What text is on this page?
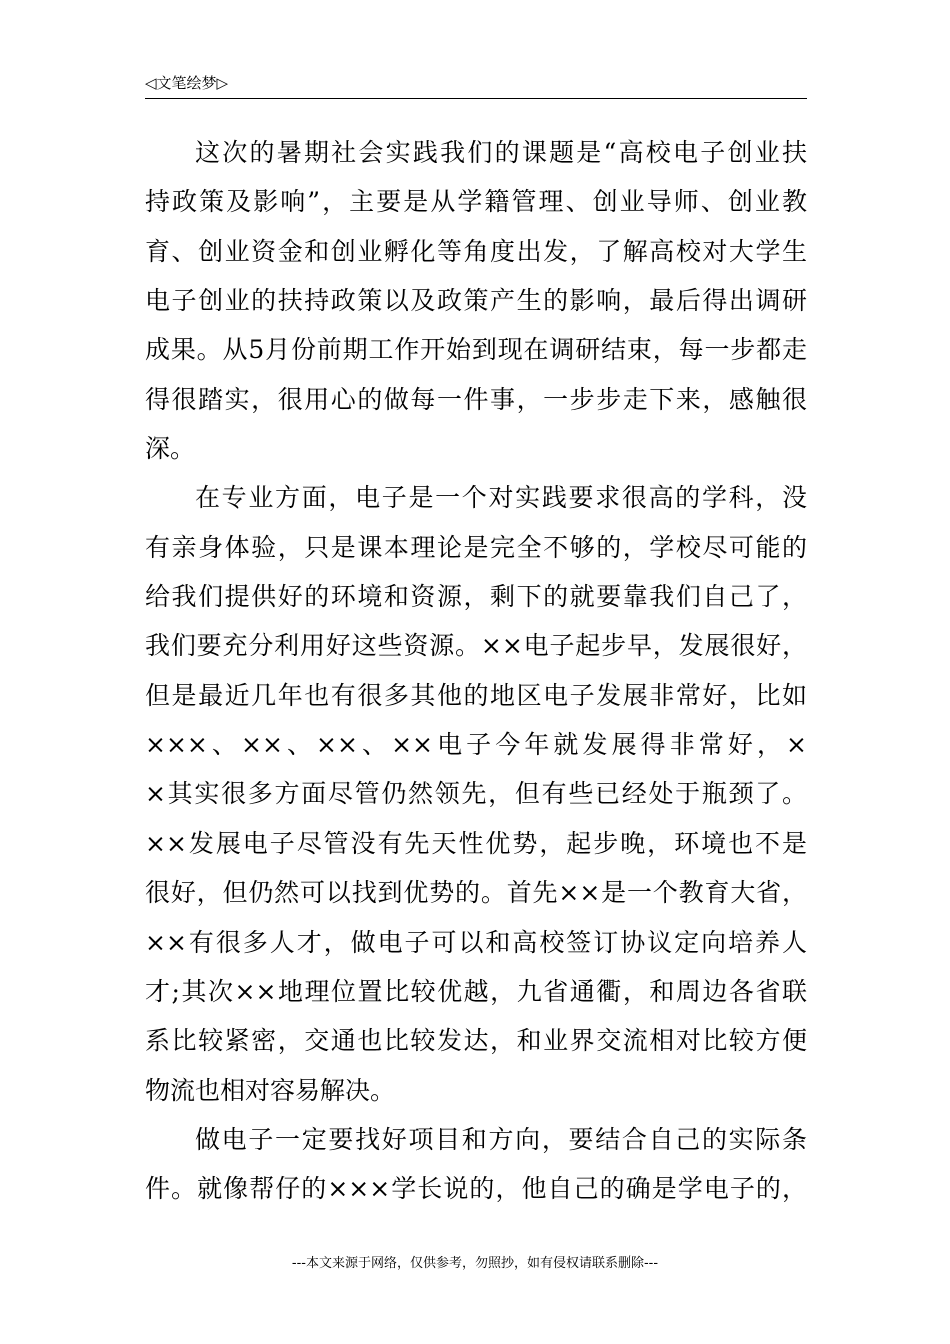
◁文笔绘梦▷
这次的暑期社会实践我们的课题是“高校电子创业扶
持政策及影响”，主要是从学籍管理、创业导师、创业教
育、创业资金和创业孵化等角度出发，了解高校对大学生
电子创业的扶持政策以及政策产生的影响，最后得出调研
成果。从5月份前期工作开始到现在调研结束，每一步都走
得很踏实，很用心的做每一件事，一步步走下来，感触很
深。
在专业方面，电子是一个对实践要求很高的学科，没
有亲身体验，只是课本理论是完全不够的，学校尽可能的
给我们提供好的环境和资源，剩下的就要靠我们自己了，
我们要充分利用好这些资源。××电子起步早，发展很好，
但是最近几年也有很多其他的地区电子发展非常好，比如
×××、××、××、××电子今年就发展得非常好，×
×其实很多方面尽管仍然领先，但有些已经处于瓶颈了。
××发展电子尽管没有先天性优势，起步晚，环境也不是
很好，但仍然可以找到优势的。首先××是一个教育大省，
××有很多人才，做电子可以和高校签订协议定向培养人
才;其次××地理位置比较优越，九省通衢，和周边各省联
系比较紧密，交通也比较发达，和业界交流相对比较方便
物流也相对容易解决。
做电子一定要找好项目和方向，要结合自己的实际条
件。就像帮仔的×××学长说的，他自己的确是学电子的，
---本文来源于网络，仅供参考，勿照抄，如有侵权请联系删除---
